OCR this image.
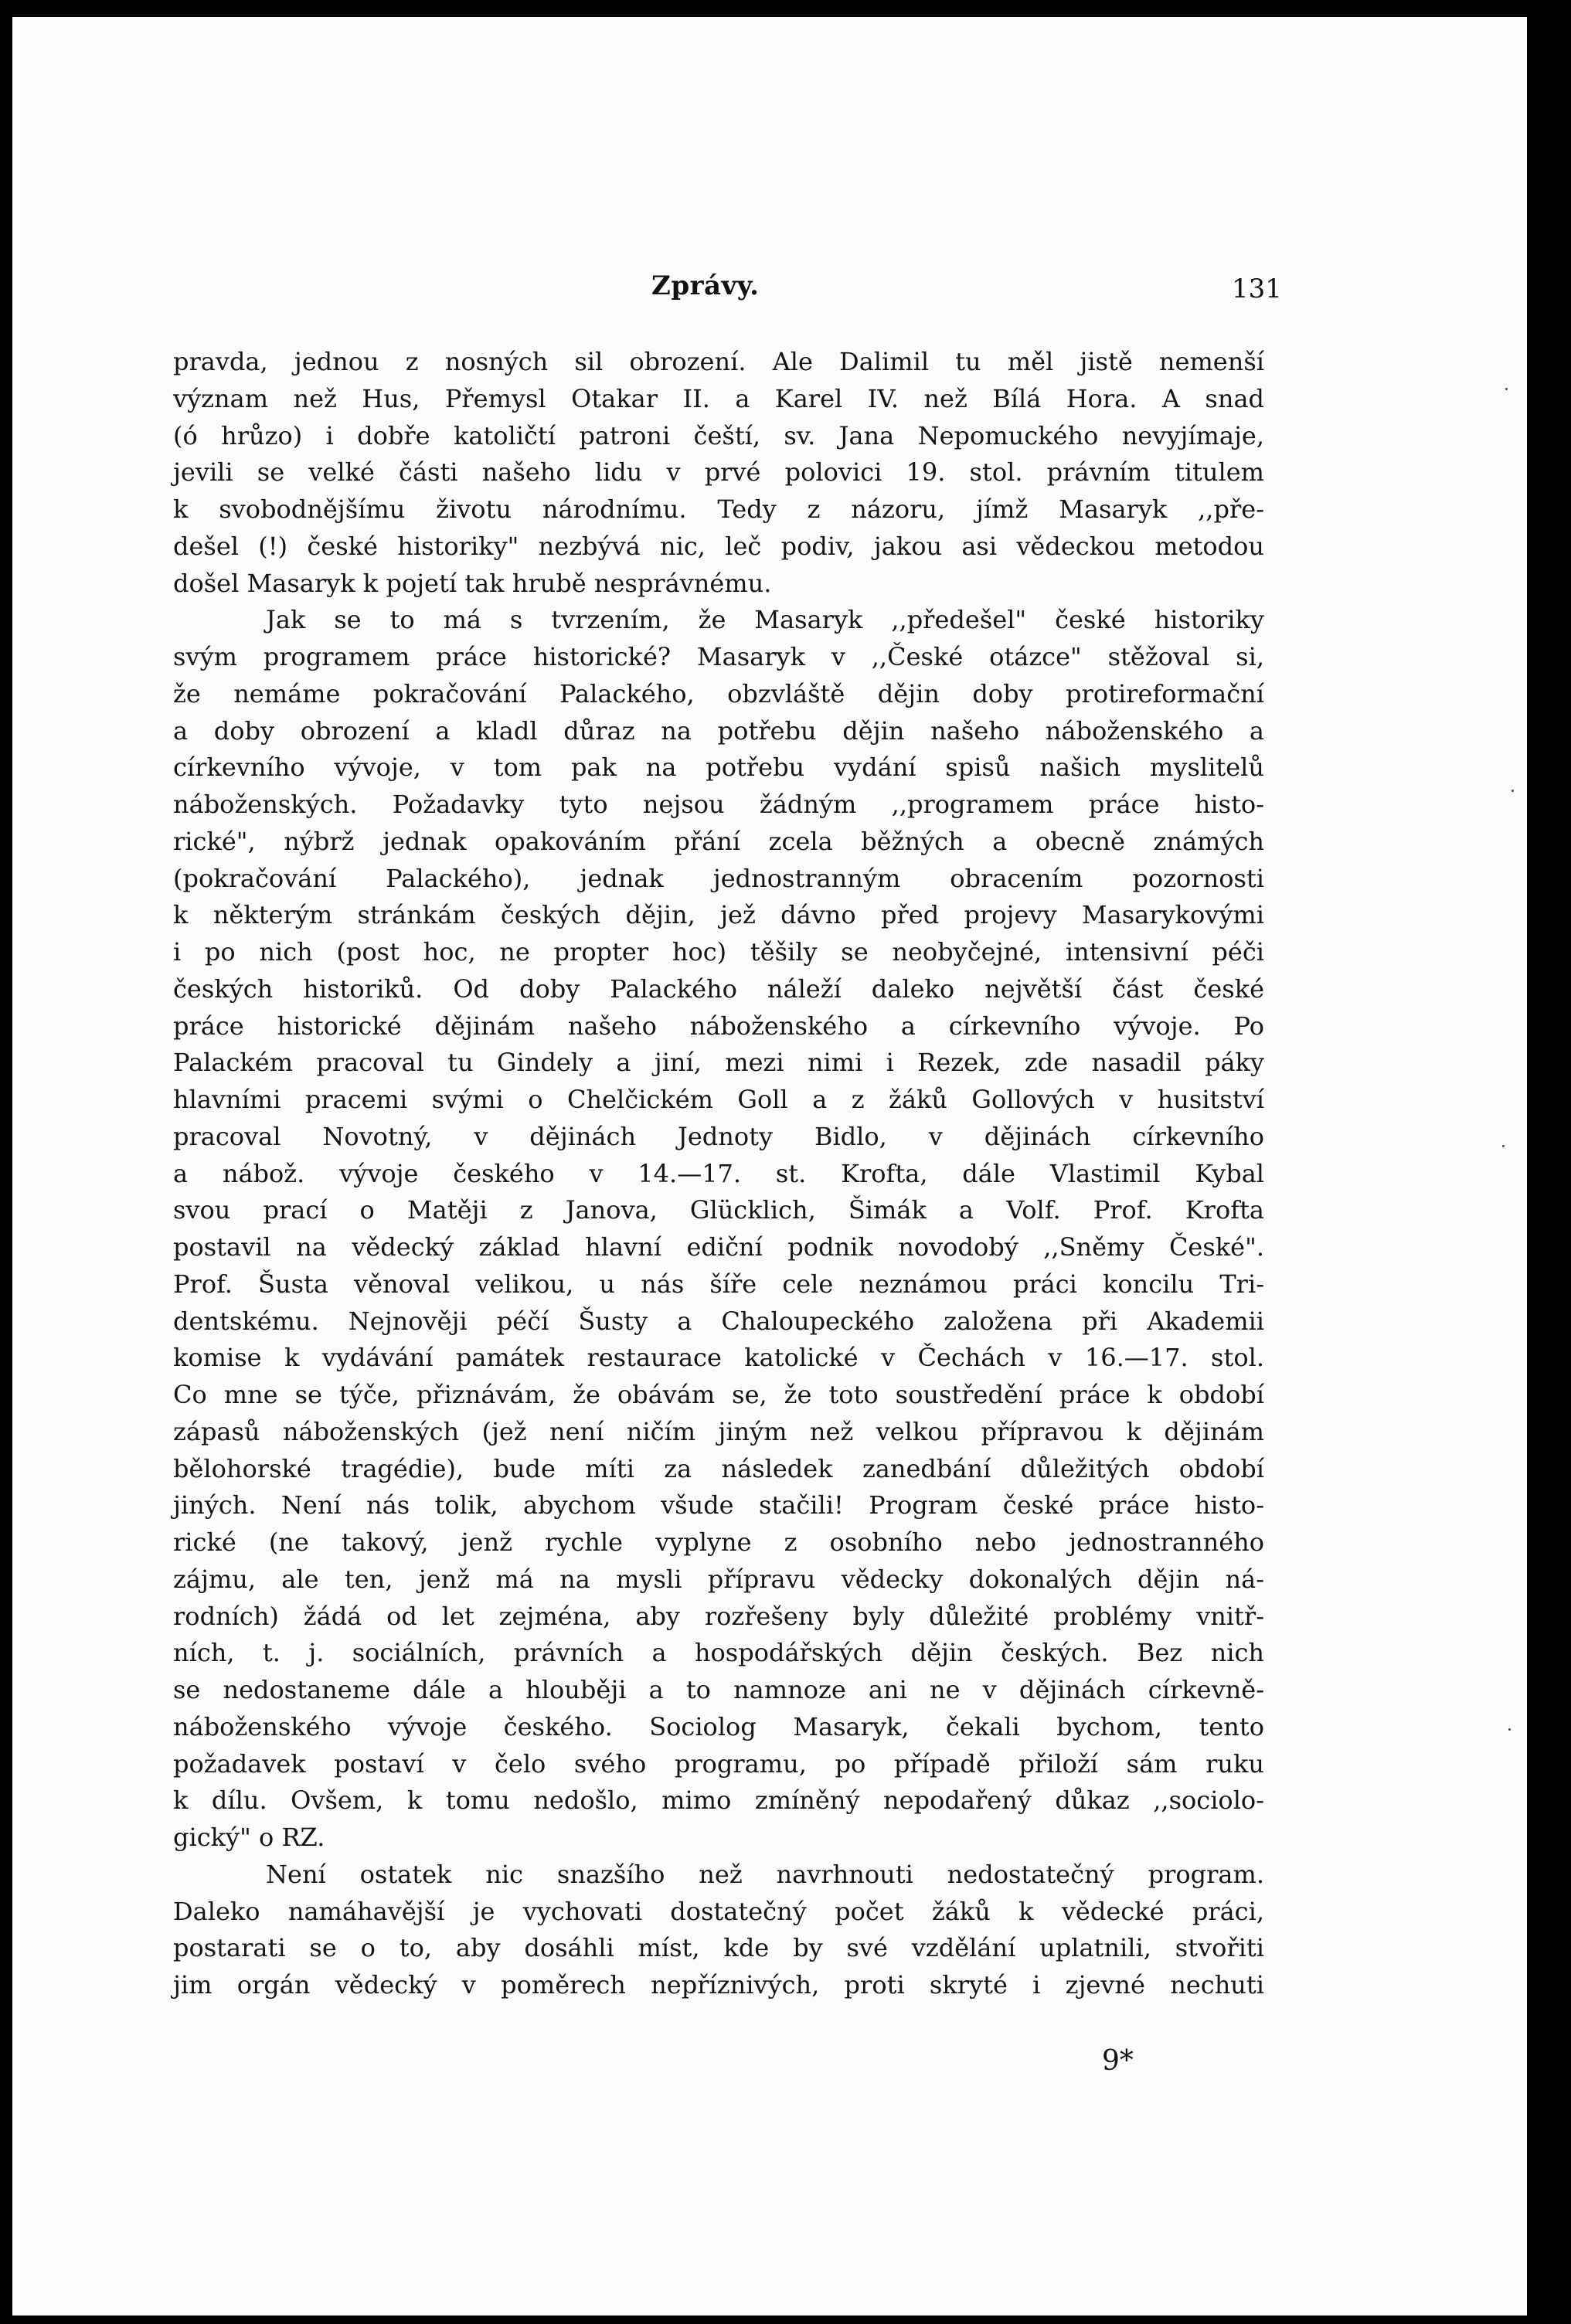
Zprávy.	131
pravda, jednou z nosných sil obrození. Ale Dalimil tu měl jistě nemenší
význam než Hus, Přemysl Otakar II. a Karel IV. než Bílá Hora. A snad
(ó hrůzo) i dobře katoličtí patroni čeští, sv. Jana Nepomuckého nevyjímaje,
jevili se velké části našeho lidu v prvé polovici 19. stol. právním titulem
k svobodnějšímu životu národnímu. Tedy z názoru, jímž Masaryk ,,pře-
dešel (!) české historiky" nezbývá nic, leč podiv, jakou asi vědeckou metodou
došel Masaryk k pojetí tak hrubě nesprávnému.
Jak se to má s tvrzením, že Masaryk ,,předešel" české historiky
svým programem práce historické? Masaryk v ,,České otázce" stěžoval si,
že nemáme pokračování Palackého, obzvláště dějin doby protireformační
a doby obrození a kladl důraz na potřebu dějin našeho náboženského a
církevního vývoje, v tom pak na potřebu vydání spisů našich myslitelů
náboženských. Požadavky tyto nejsou žádným ,,programem práce histo-
rické", nýbrž jednak opakováním přání zcela běžných a obecně známých
(pokračování Palackého), jednak jednostranným obracením pozornosti
k některým stránkám českých dějin, jež dávno před projevy Masarykovými
i po nich (post hoc, ne propter hoc) těšily se neobyčejné, intensivní péči
českých historiků. Od doby Palackého náleží daleko největší část české
práce historické dějinám našeho náboženského a církevního vývoje. Po
Palackém pracoval tu Gindely a jiní, mezi nimi i Rezek, zde nasadil páky
hlavními pracemi svými o Chelčickém Goll a z žáků Gollových v husitství
pracoval Novotný, v dějinách Jednoty Bidlo, v dějinách církevního
a nábož. vývoje českého v 14.—17. st. Krofta, dále Vlastimil Kybal
svou prací o Matěji z Janova, Glücklich, Šimák a Volf. Prof. Krofta
postavil na vědecký základ hlavní ediční podnik novodobý ,,Sněmy České".
Prof. Šusta věnoval velikou, u nás šíře cele neznámou práci koncilu Tri-
dentskému. Nejnověji péčí Šusty a Chaloupeckého založena při Akademii
komise k vydávání památek restaurace katolické v Čechách v 16.—17. stol.
Co mne se týče, přiznávám, že obávám se, že toto soustředění práce k období
zápasů náboženských (jež není ničím jiným než velkou přípravou k dějinám
bělohorské tragédie), bude míti za následek zanedbání důležitých období
jiných. Není nás tolik, abychom všude stačili! Program české práce histo-
rické (ne takový, jenž rychle vyplyne z osobního nebo jednostranného
zájmu, ale ten, jenž má na mysli přípravu vědecky dokonalých dějin ná-
rodních) žádá od let zejména, aby rozřešeny byly důležité problémy vnitř-
ních, t. j. sociálních, právních a hospodářských dějin českých. Bez nich
se nedostaneme dále a hlouběji a to namnoze ani ne v dějinách církevně-
náboženského vývoje českého. Sociolog Masaryk, čekali bychom, tento
požadavek postaví v čelo svého programu, po případě přiloží sám ruku
k dílu. Ovšem, k tomu nedošlo, mimo zmíněný nepodařený důkaz ,,sociolo-
gický" o RZ.
Není ostatek nic snazšího než navrhnouti nedostatečný program.
Daleko namáhavější je vychovati dostatečný počet žáků k vědecké práci,
postarati se o to, aby dosáhli míst, kde by své vzdělání uplatnili, stvořiti
jim orgán vědecký v poměrech nepříznivých, proti skryté i zjevné nechuti
9*
